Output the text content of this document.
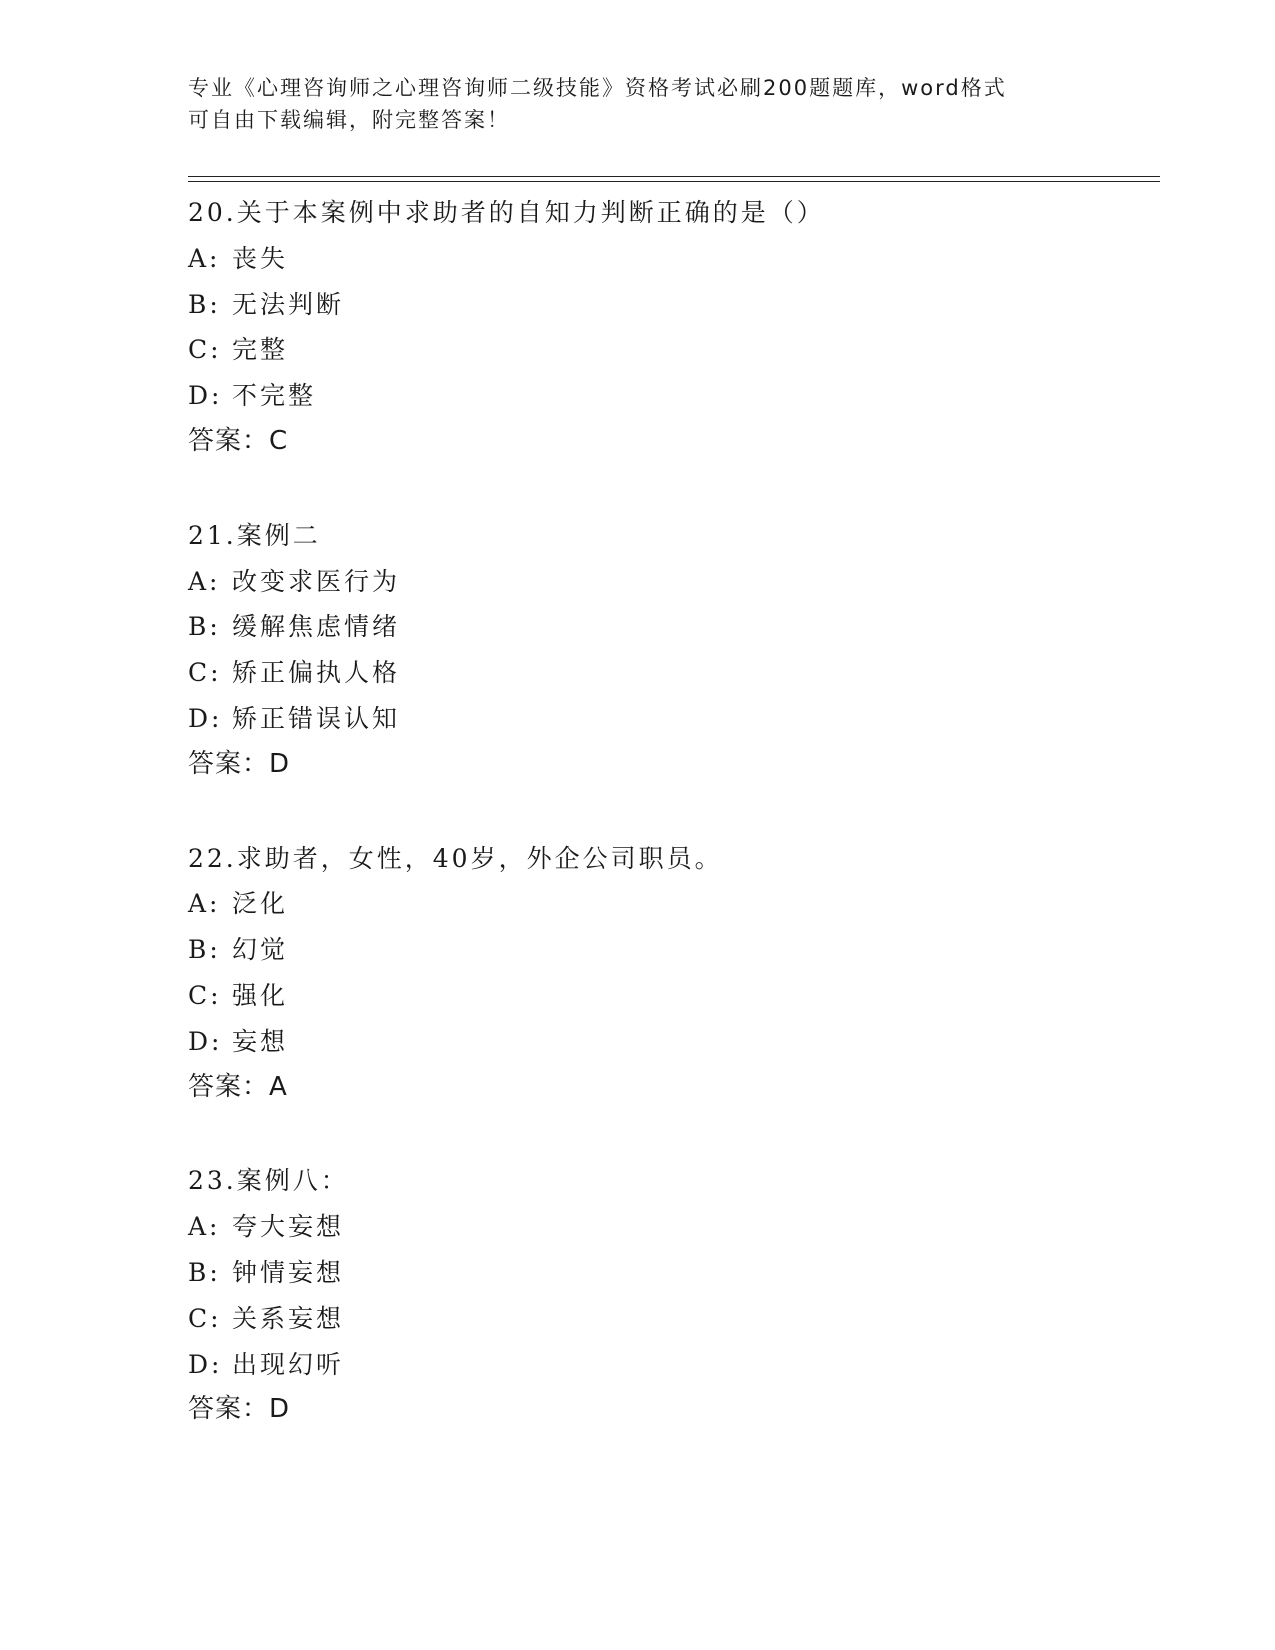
专业《心理咨询师之心理咨询师二级技能》资格考试必刷200题题库，word格式
可自由下载编辑，附完整答案！
20.关于本案例中求助者的自知力判断正确的是（）
A: 丧失
B: 无法判断
C: 完整
D: 不完整
答案：C
21.案例二
A: 改变求医行为
B: 缓解焦虑情绪
C: 矫正偏执人格
D: 矫正错误认知
答案：D
22.求助者，女性，40岁，外企公司职员。
A: 泛化
B: 幻觉
C: 强化
D: 妄想
答案：A
23.案例八：
A: 夸大妄想
B: 钟情妄想
C: 关系妄想
D: 出现幻听
答案：D
